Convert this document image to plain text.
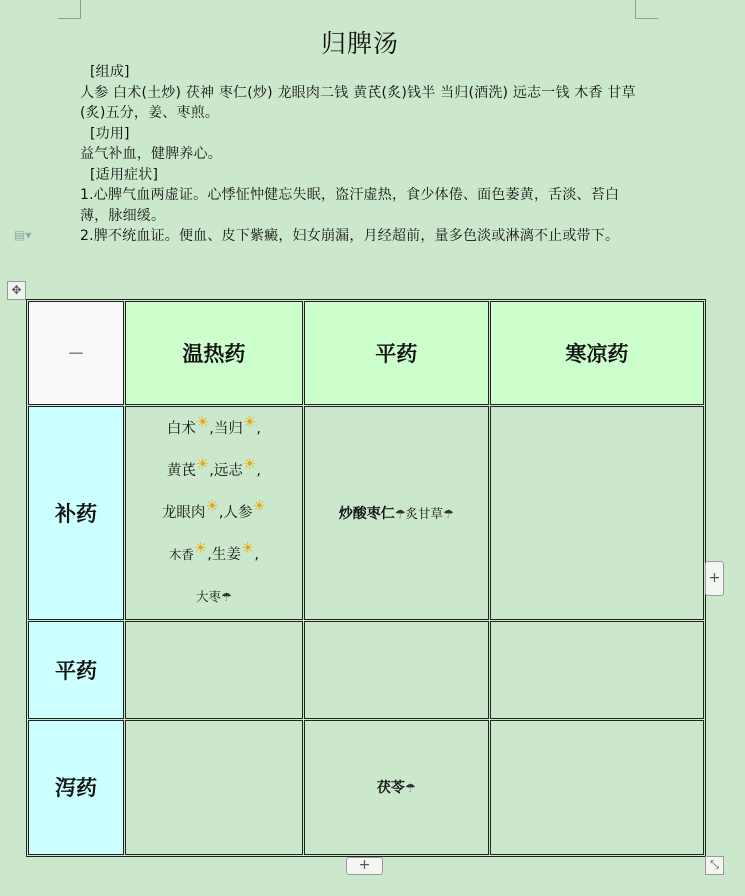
归脾汤

[组成]

人参 白术(土炒) 茯神 枣仁(炒) 龙眼肉二钱 黄芪(炙)钱半 当归(酒洗) 远志一钱 木香 甘草(炙)五分，姜、枣煎。

[功用]

益气补血，健脾养心。

[适用症状]

1.心脾气血两虚证。心悸怔忡健忘失眠，盗汗虚热，食少体倦、面色萎黄，舌淡、苔白薄，脉细缓。

2.脾不统血证。便血、皮下紫癜，妇女崩漏，月经超前，量多色淡或淋漓不止或带下。

▤▾
✥
－	温热药	平药	寒凉药
补药	白术☀,当归☀,
黄芪☀,远志☀,
龙眼肉☀,人参☀
木香☀,生姜☀,
大枣☂	炒酸枣仁☂炙甘草☂	
平药			
泻药		茯苓☂	
+
+	⤡
